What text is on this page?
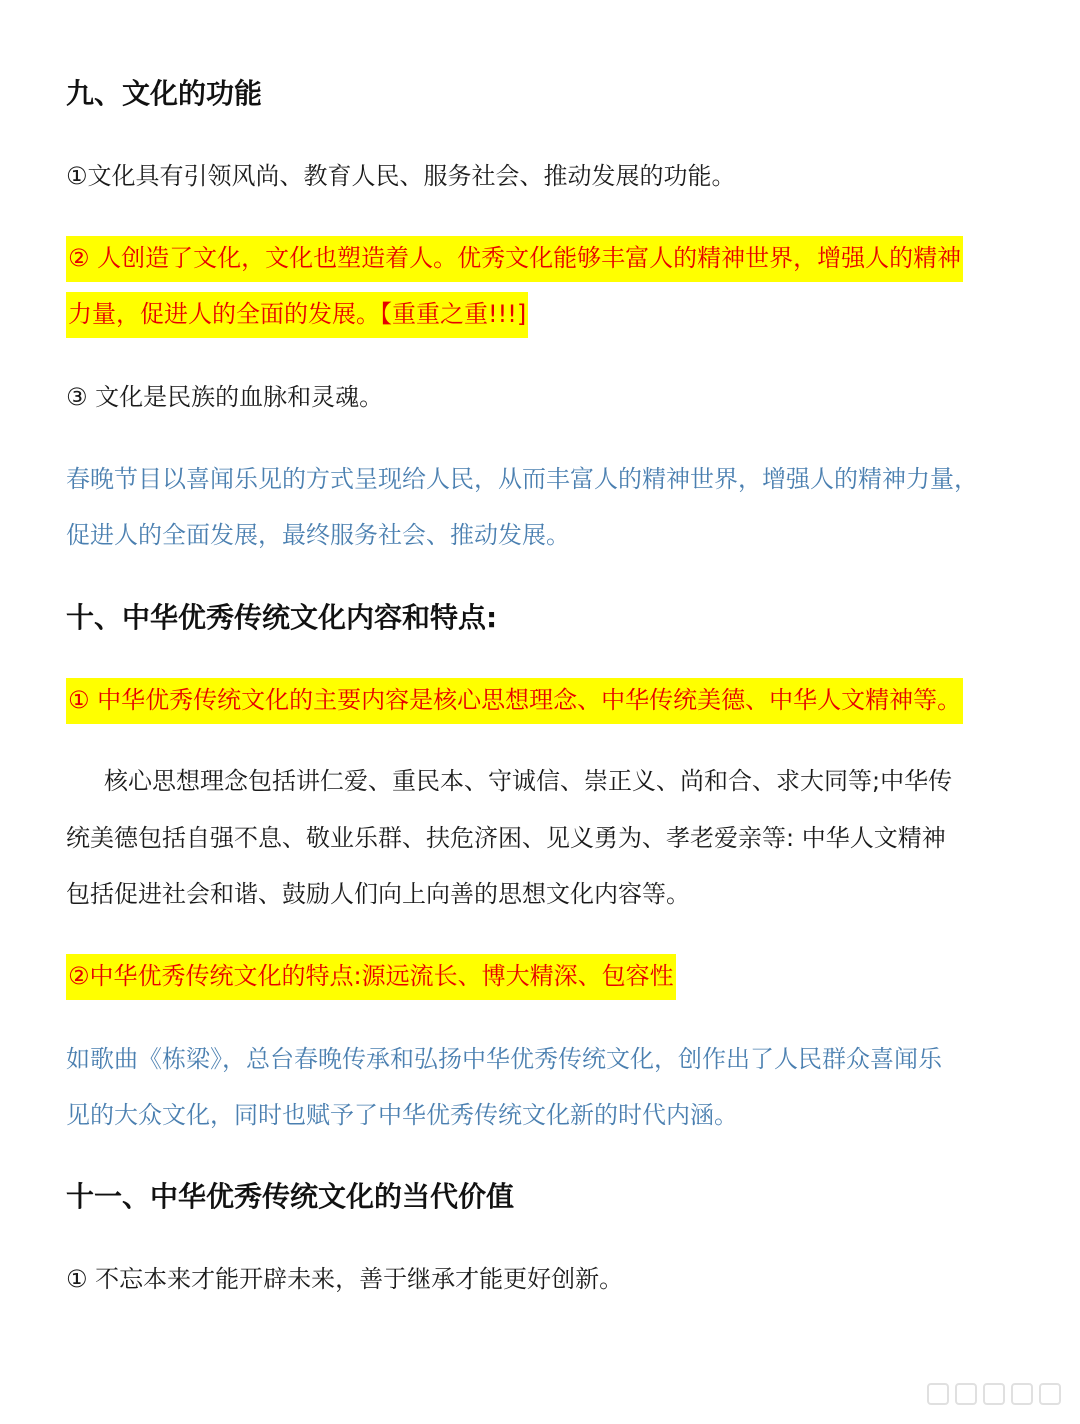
九、文化的功能
①文化具有引领风尚、教育人民、服务社会、推动发展的功能。
② 人创造了文化，文化也塑造着人。优秀文化能够丰富人的精神世界，增强人的精神
力量，促进人的全面的发展。【重重之重!!!]
③ 文化是民族的血脉和灵魂。
春晚节目以喜闻乐见的方式呈现给人民，从而丰富人的精神世界，增强人的精神力量，
促进人的全面发展，最终服务社会、推动发展。
十、中华优秀传统文化内容和特点:
① 中华优秀传统文化的主要内容是核心思想理念、中华传统美德、中华人文精神等。
核心思想理念包括讲仁爱、重民本、守诚信、崇正义、尚和合、求大同等;中华传
统美德包括自强不息、敬业乐群、扶危济困、见义勇为、孝老爱亲等: 中华人文精神
包括促进社会和谐、鼓励人们向上向善的思想文化内容等。
②中华优秀传统文化的特点:源远流长、博大精深、包容性
如歌曲《栋梁》，总台春晚传承和弘扬中华优秀传统文化，创作出了人民群众喜闻乐
见的大众文化，同时也赋予了中华优秀传统文化新的时代内涵。
十一、中华优秀传统文化的当代价值
① 不忘本来才能开辟未来，善于继承才能更好创新。
